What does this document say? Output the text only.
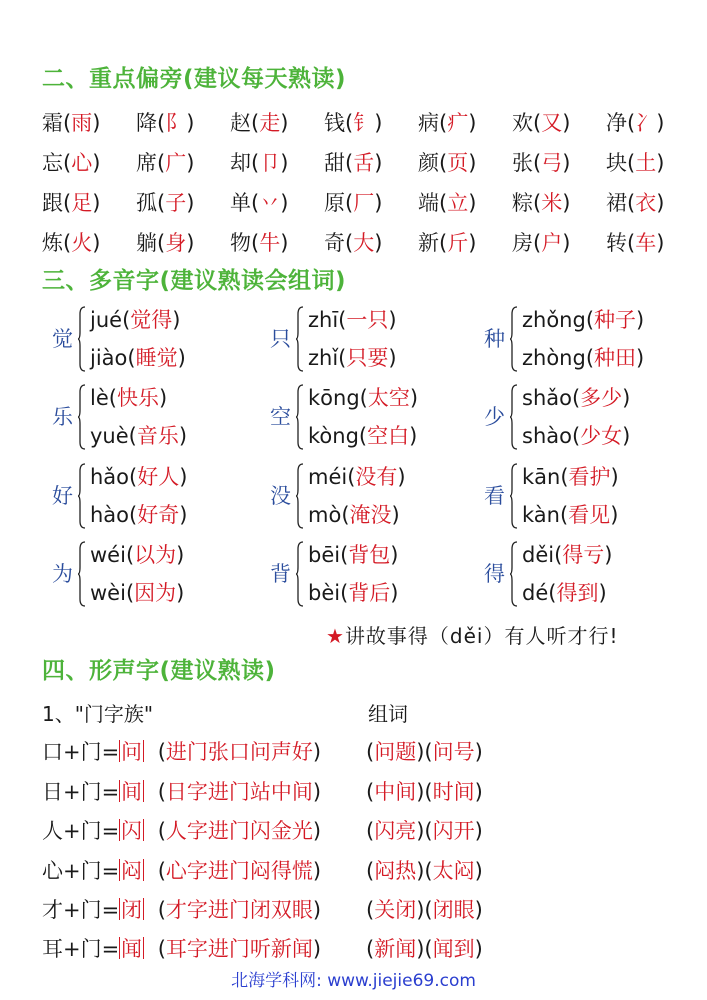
二、重点偏旁(建议每天熟读)
霜(雨)	降(阝)	赵(走)	钱(钅)	病(疒)	欢(又)	净(冫)
忘(心)	席(广)	却(卩)	甜(舌)	颜(页)	张(弓)	块(土)
跟(足)	孤(子)	单(丷)	原(厂)	端(立)	粽(米)	裙(衣)
炼(火)	躺(身)	物(牛)	奇(大)	新(斤)	房(户)	转(车)
三、多音字(建议熟读会组词)
觉
jué(觉得)
jiào(睡觉)
只
zhī(一只)
zhǐ(只要)
种
zhǒng(种子)
zhòng(种田)
乐
lè(快乐)
yuè(音乐)
空
kōng(太空)
kòng(空白)
少
shǎo(多少)
shào(少女)
好
hǎo(好人)
hào(好奇)
没
méi(没有)
mò(淹没)
看
kān(看护)
kàn(看见)
为
wéi(以为)
wèi(因为)
背
bēi(背包)
bèi(背后)
得
děi(得亏)
dé(得到)
★讲故事得（děi）有人听才行!
四、形声字(建议熟读)
1、"门字族"	组词
口+门=问 (进门张口问声好) (问题)(问号)
日+门=间 (日字进门站中间) (中间)(时间)
人+门=闪 (人字进门闪金光) (闪亮)(闪开)
心+门=闷 (心字进门闷得慌) (闷热)(太闷)
才+门=闭 (才字进门闭双眼) (关闭)(闭眼)
耳+门=闻 (耳字进门听新闻) (新闻)(闻到)
北海学科网: www.jiejie69.com
